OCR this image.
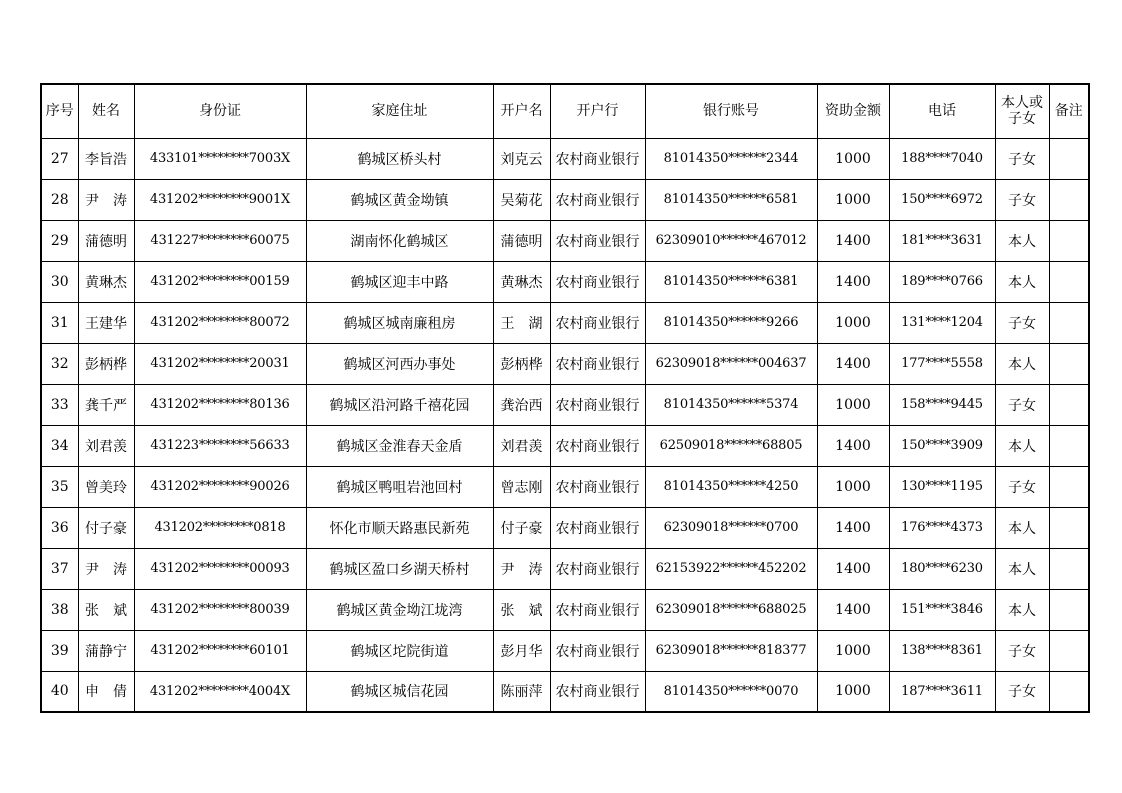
序号	姓名	身份证	家庭住址	开户名	开户行	银行账号	资助金额	电话	本人或子女	备注
27	李旨浩	433101********7003X	鹤城区桥头村	刘克云	农村商业银行	81014350******2344	1000	188****7040	子女	
28	尹　涛	431202********9001X	鹤城区黄金坳镇	吴菊花	农村商业银行	81014350******6581	1000	150****6972	子女	
29	蒲德明	431227********60075	湖南怀化鹤城区	蒲德明	农村商业银行	62309010******467012	1400	181****3631	本人	
30	黄琳杰	431202********00159	鹤城区迎丰中路	黄琳杰	农村商业银行	81014350******6381	1400	189****0766	本人	
31	王建华	431202********80072	鹤城区城南廉租房	王　湖	农村商业银行	81014350******9266	1000	131****1204	子女	
32	彭柄桦	431202********20031	鹤城区河西办事处	彭柄桦	农村商业银行	62309018******004637	1400	177****5558	本人	
33	龚千严	431202********80136	鹤城区沿河路千禧花园	龚治西	农村商业银行	81014350******5374	1000	158****9445	子女	
34	刘君羡	431223********56633	鹤城区金淮春天金盾	刘君羡	农村商业银行	62509018******68805	1400	150****3909	本人	
35	曾美玲	431202********90026	鹤城区鸭咀岩池回村	曾志刚	农村商业银行	81014350******4250	1000	130****1195	子女	
36	付子豪	431202********0818	怀化市顺天路惠民新苑	付子豪	农村商业银行	62309018******0700	1400	176****4373	本人	
37	尹　涛	431202********00093	鹤城区盈口乡湖天桥村	尹　涛	农村商业银行	62153922******452202	1400	180****6230	本人	
38	张　斌	431202********80039	鹤城区黄金坳江垅湾	张　斌	农村商业银行	62309018******688025	1400	151****3846	本人	
39	蒲静宁	431202********60101	鹤城区坨院街道	彭月华	农村商业银行	62309018******818377	1000	138****8361	子女	
40	申　倩	431202********4004X	鹤城区城信花园	陈丽萍	农村商业银行	81014350******0070	1000	187****3611	子女	
